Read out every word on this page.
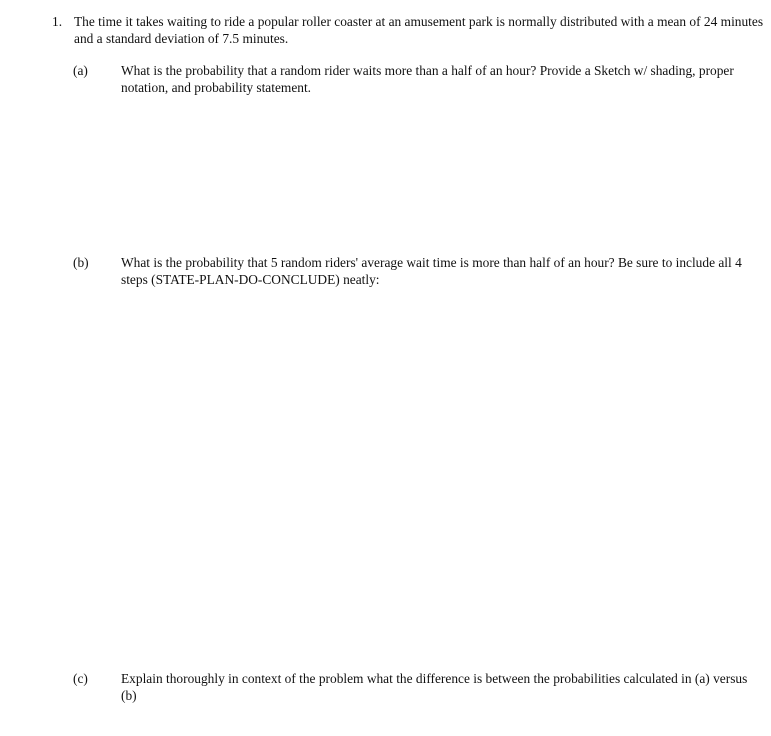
1. The time it takes waiting to ride a popular roller coaster at an amusement park is normally distributed with a mean of 24 minutes and a standard deviation of 7.5 minutes.
(a) What is the probability that a random rider waits more than a half of an hour? Provide a Sketch w/ shading, proper notation, and probability statement.
(b) What is the probability that 5 random riders' average wait time is more than half of an hour? Be sure to include all 4 steps (STATE-PLAN-DO-CONCLUDE) neatly:
(c) Explain thoroughly in context of the problem what the difference is between the probabilities calculated in (a) versus (b)
